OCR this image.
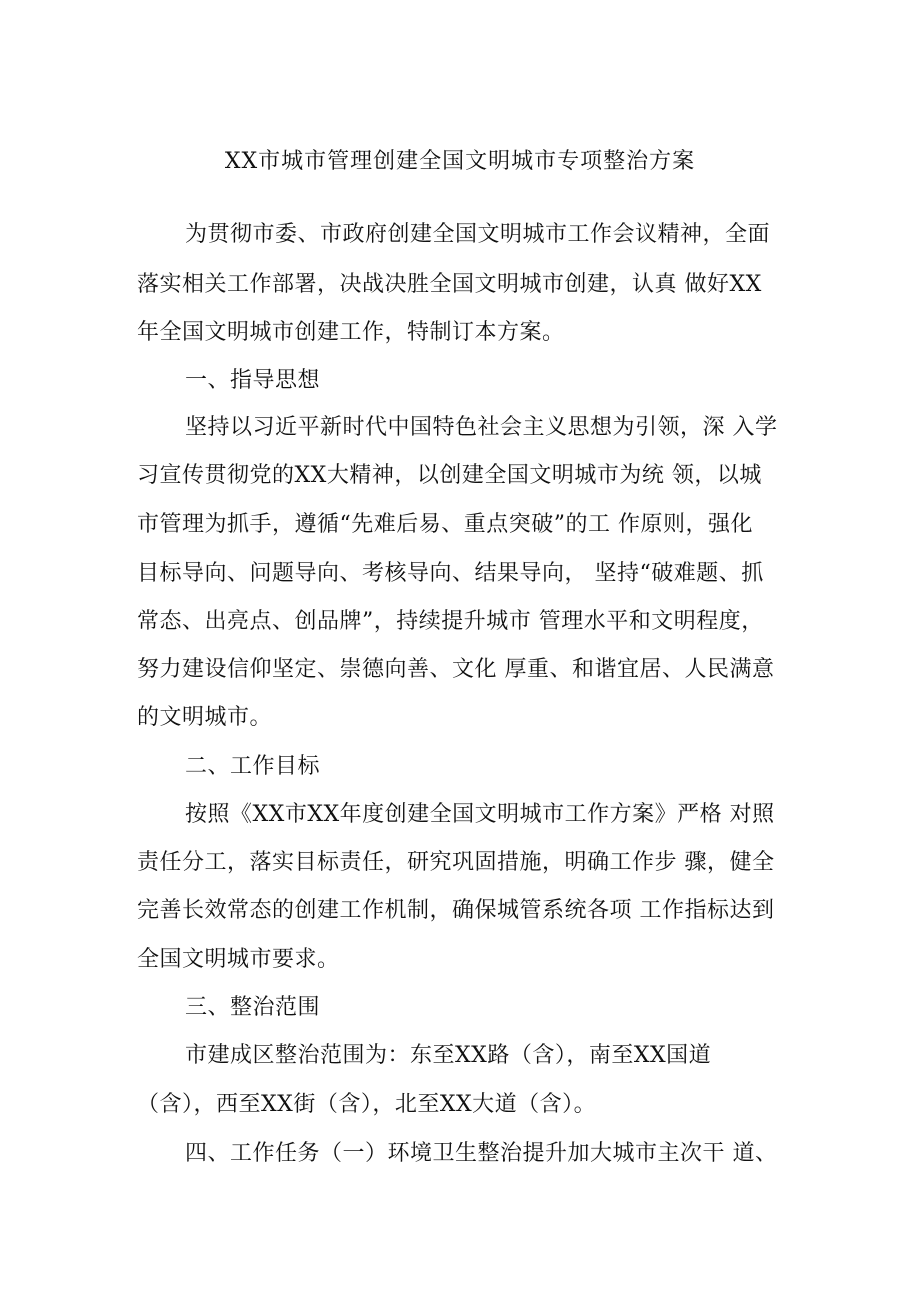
XX市城市管理创建全国文明城市专项整治方案
为贯彻市委、市政府创建全国文明城市工作会议精神，全面
落实相关工作部署，决战决胜全国文明城市创建，认真 做好XX
年全国文明城市创建工作，特制订本方案。
一、指导思想
坚持以习近平新时代中国特色社会主义思想为引领，深 入学
习宣传贯彻党的XX大精神，以创建全国文明城市为统 领，以城
市管理为抓手，遵循“先难后易、重点突破”的工 作原则，强化
目标导向、问题导向、考核导向、结果导向， 坚持“破难题、抓
常态、出亮点、创品牌”，持续提升城市 管理水平和文明程度，
努力建设信仰坚定、崇德向善、文化 厚重、和谐宜居、人民满意
的文明城市。
二、工作目标
按照《XX市XX年度创建全国文明城市工作方案》严格 对照
责任分工，落实目标责任，研究巩固措施，明确工作步 骤，健全
完善长效常态的创建工作机制，确保城管系统各项 工作指标达到
全国文明城市要求。
三、整治范围
市建成区整治范围为：东至XX路（含），南至XX国道
（含），西至XX街（含），北至XX大道（含）。
四、工作任务（一）环境卫生整治提升加大城市主次干 道、
